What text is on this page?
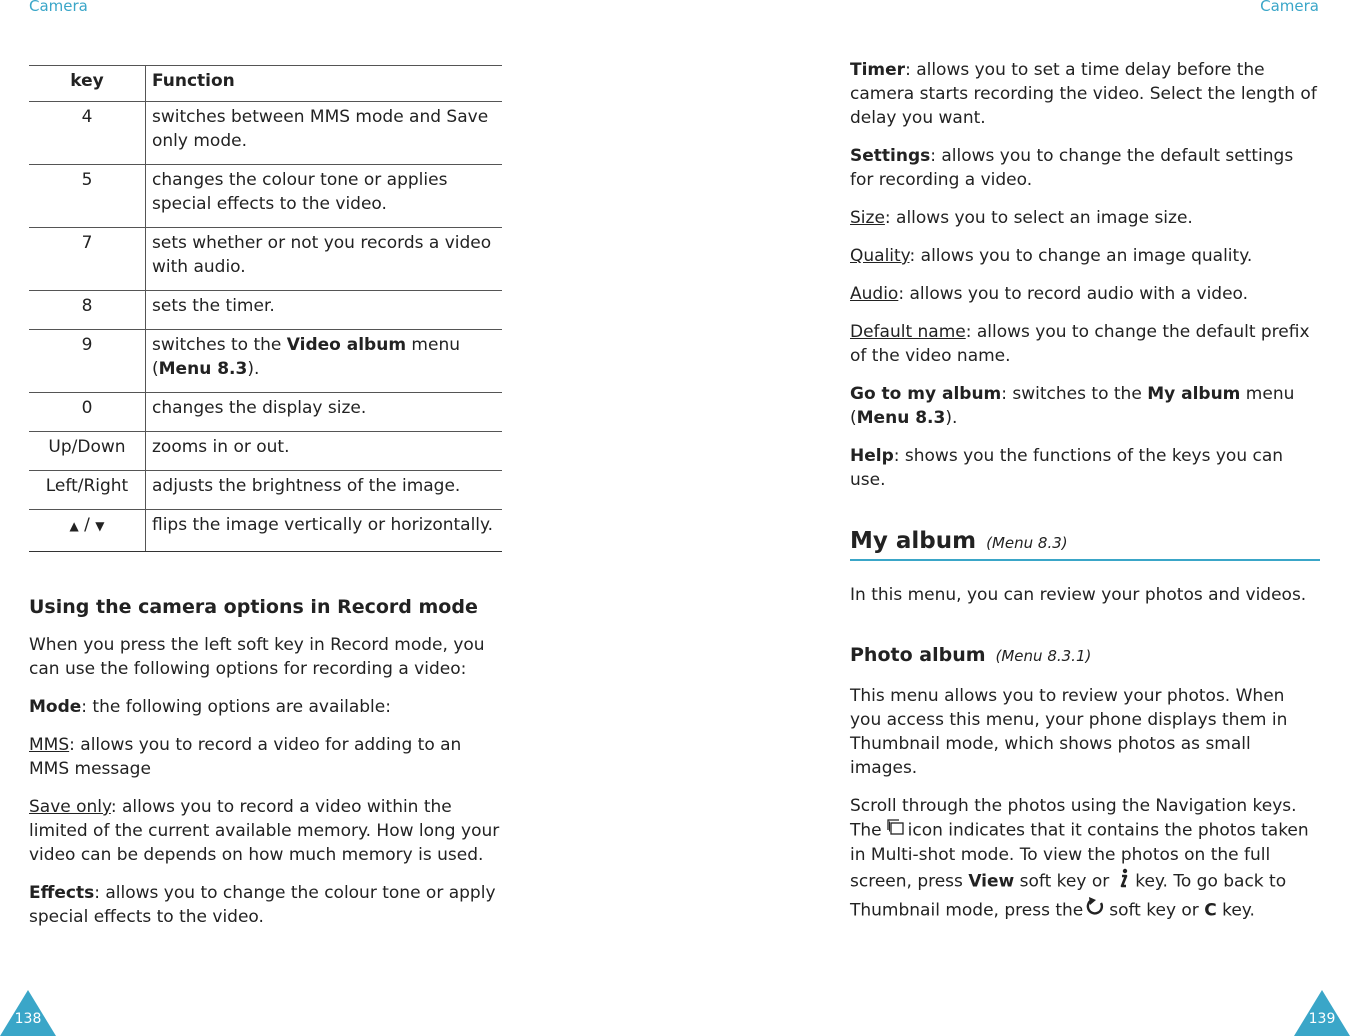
Camera
key	Function
4	switches between MMS mode and Save only mode.
5	changes the colour tone or applies special effects to the video.
7	sets whether or not you records a video with audio.
8	sets the timer.
9	switches to the Video album menu (Menu 8.3).
0	changes the display size.
Up/Down	zooms in or out.
Left/Right	adjusts the brightness of the image.
▲ / ▼	flips the image vertically or horizontally.
Using the camera options in Record mode

When you press the left soft key in Record mode, you can use the following options for recording a video:

Mode: the following options are available:

MMS: allows you to record a video for adding to an MMS message

Save only: allows you to record a video within the limited of the current available memory. How long your video can be depends on how much memory is used.

Effects: allows you to change the colour tone or apply special effects to the video.

138
Camera

Timer: allows you to set a time delay before the camera starts recording the video. Select the length of delay you want.

Settings: allows you to change the default settings for recording a video.

Size: allows you to select an image size.

Quality: allows you to change an image quality.

Audio: allows you to record audio with a video.

Default name: allows you to change the default prefix of the video name.

Go to my album: switches to the My album menu (Menu 8.3).

Help: shows you the functions of the keys you can use.

My album (Menu 8.3)

In this menu, you can review your photos and videos.

Photo album (Menu 8.3.1)

This menu allows you to review your photos. When you access this menu, your phone displays them in Thumbnail mode, which shows photos as small images.

Scroll through the photos using the Navigation keys. The icon indicates that it contains the photos taken in Multi-shot mode. To view the photos on the full screen, press View soft key or key. To go back to Thumbnail mode, press the soft key or C key.

139
